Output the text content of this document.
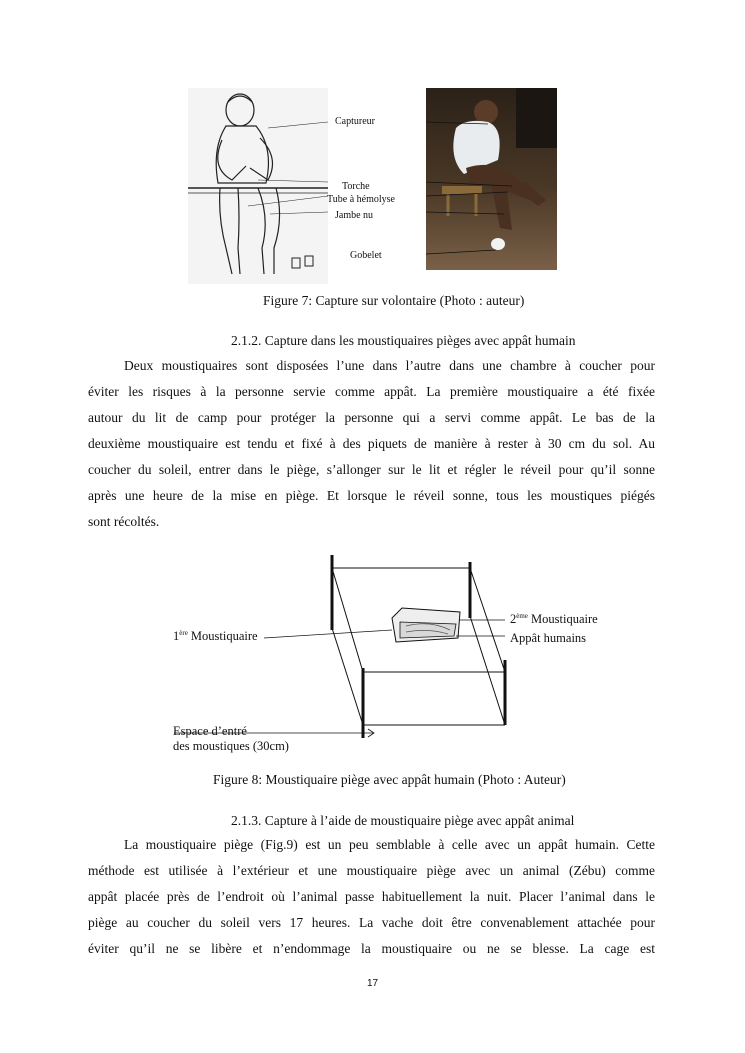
Captureur
Torche
Tube à hémolyse
Jambe nu
Gobelet
Figure 7: Capture sur volontaire (Photo : auteur)
2.1.2. Capture dans les moustiquaires pièges avec appât humain
Deux moustiquaires sont disposées l’une dans l’autre dans une chambre à coucher pour
éviter les risques à la personne servie comme appât. La première moustiquaire a été fixée
autour du lit de camp pour protéger la personne qui a servi comme appât. Le bas de la
deuxième moustiquaire est tendu et fixé à des piquets de manière à rester à 30 cm du sol. Au
coucher du soleil, entrer dans le piège, s’allonger sur le lit et régler le réveil pour qu’il sonne
après une heure de la mise en piège. Et lorsque le réveil sonne, tous les moustiques piégés
sont récoltés.
1ère Moustiquaire
2ème Moustiquaire
Appât humains
Espace d’entré
des moustiques (30cm)
Figure 8: Moustiquaire piège avec appât humain (Photo : Auteur)
2.1.3. Capture à l’aide de moustiquaire piège avec appât animal
La moustiquaire piège (Fig.9) est un peu semblable à celle avec un appât humain. Cette
méthode est utilisée à l’extérieur et une moustiquaire piège avec un animal (Zébu) comme
appât placée près de l’endroit où l’animal passe habituellement la nuit. Placer l’animal dans le
piège au coucher du soleil vers 17 heures. La vache doit être convenablement attachée pour
éviter qu’il ne se libère et n’endommage la moustiquaire ou ne se blesse. La cage est
17
